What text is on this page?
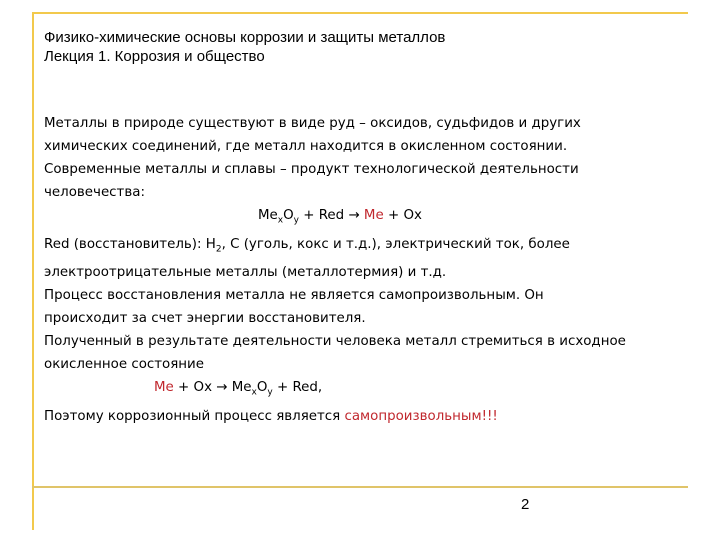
Физико-химические основы коррозии и защиты металлов
Лекция 1. Коррозия и общество

Металлы в природе существуют в виде руд – оксидов, судьфидов и других

химических соединений, где металл находится в окисленном состоянии.

Современные металлы и сплавы – продукт технологической деятельности

человечества:

$Me_xO_y$ + Red → Me + Ox

Red (восстановитель): $H_2$, С (уголь, кокс и т.д.), электрический ток, более

электроотрицательные металлы (металлотермия) и т.д.

Процесс восстановления металла не является самопроизвольным. Он

происходит за счет энергии восстановителя.

Полученный в результате деятельности человека металл стремиться в исходное

окисленное состояние

$Me + Ox \to Me_xO_y$ + Red,

Поэтому коррозионный процесс является самопроизвольным!!!

2
